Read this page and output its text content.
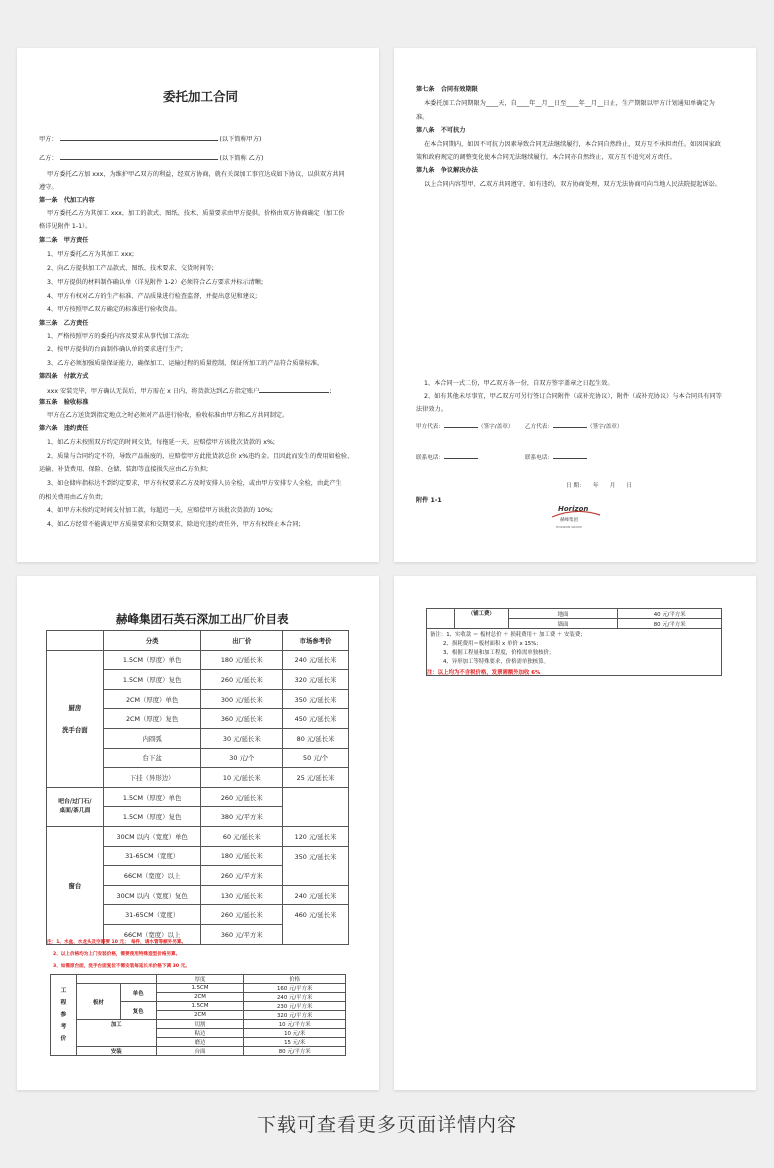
委托加工合同
甲方：	(以下简称甲方)
乙方：	(以下简称 乙方)
甲方委托乙方加 xxx，为维护甲乙双方的利益，经双方协商，就有关深加工事宜达成如下协议，以供双方共同
遵守。
第一条　代加工内容
甲方委托乙方为其加工 xxx，加工的款式、图纸、技术、质量要求由甲方提供，价格由双方协商确定（加工价
格详见附件 1-1）。
第二条　甲方责任
1、甲方委托乙方为其加工 xxx;
2、向乙方提供加工产品款式、图纸、技术要求、交货时间等;
3、甲方提供的材料制作确认单（详见附件 1-2）必须符合乙方要求并标示清晰;
4、甲方有权对乙方的生产标准、产品质量进行检查监督，并提出意见和建议;
4、甲方按照甲乙双方确定的标准进行验收货品。
第三条　乙方责任
1、严格按照甲方的委托内容及要求从事代加工活动;
2、按甲方提供的台面制作确认单的要求进行生产;
3、乙方必须加强质量保证能力，确保加工、运输过程的质量控制，保证所加工的产品符合质量标准。
第四条　付款方式
xxx 安装完毕，甲方确认无误后，甲方需在 x 日内，将货款达到乙方指定账户	;
第五条　验收标准
甲方在乙方送货到指定地点之时必须对产品进行验收，验收标准由甲方和乙方共同制定。
第六条　违约责任
1、如乙方未按照双方约定的时间交货，每拖延一天，应赔偿甲方该批次货款的 x%;
2、质量与合同约定不符，导致产品报废的，应赔偿甲方此批货款总价 x%违约金。且因此而发生的费用如检验、
运输、补货费用、保险、仓储、装卸等直接损失应由乙方负担;
3、如仓储库指标达不到约定要求，甲方有权要求乙方及时安排人员全检，或由甲方安排专人全检，由此产生
的相关费用由乙方负责;
4、如甲方未按约定时间支付加工款，每超迟一天，应赔偿甲方该批次货款的 10%;
4、如乙方经常不能满足甲方质量要求和交期要求，除追究违约责任外，甲方有权终止本合同;
第七条　合同有效期限
本委托加工合同期限为____天，自____年__月__日至____年__月__日止，生产期限以甲方计划通知单确定为
准。
第八条　不可抗力
在本合同期内，如因不可抗力因素导致合同无法继续履行，本合同自然终止，双方互不承担责任。如因国家政
策和政府规定的调整变化使本合同无法继续履行，本合同亦自然终止，双方互不追究对方责任。
第九条　争议解决办法
以上合同内容望甲、乙双方共同遵守，如有违约，双方协商处理，双方无法协商可向当地人民法院提起诉讼。
1、本合同一式二份，甲乙双方各一份，自双方签字盖章之日起生效。
2、如有其他未尽事宜，甲乙双方可另行签订合同附件（或补充协议），附件（或补充协议）与本合同具有同等
法律效力。
甲方代表：	（签字/盖章） 乙方代表：	（签字/盖章）
联系电话：	联系电话：
日 期：　　年　　月　　日
附件 1-1
Horizon
赫峰集团
HORIZON GROUP
赫峰集团石英石深加工出厂价目表
	分类	出厂价	市场参考价

厨房
洗手台面	1.5CM（厚度）单色	180 元/延长米	240 元/延长米
	1.5CM（厚度）复色	260 元/延长米	320 元/延长米
	2CM（厚度）单色	300 元/延长米	350 元/延长米
	2CM（厚度）复色	360 元/延长米	450 元/延长米
	内圆弧	30 元/延长米	80 元/延长米
	台下盆	30 元/个	50 元/个
	下挂（异形边）	10 元/延长米	25 元/延长米

吧台/过门石/
桌面/茶几面	1.5CM（厚度）单色	260 元/延长米	
	1.5CM（厚度）复色	380 元/平方米	
窗台	30CM 以内（宽度）单色	60 元/延长米	120 元/延长米
	31-65CM（宽度）	180 元/延长米	350 元/延长米
	66CM（宽度）以上	260 元/平方米	
	30CM 以内（宽度）复色	130 元/延长米	240 元/延长米
	31-65CM（宽度）	260 元/延长米	460 元/延长米
	66CM（宽度）以上	360 元/平方米	
注：1、水盆、水龙头及空需要 10 元；　每件，请水管等额外另算。
2、以上价格均为上门安装价格，需要使用特殊造型价格另算。
3、如需原台面，洗手台面复位不需安装每延长米价格下调 30 元。
工
程
参
考
价			厚度	价格
	板材	单色	1.5CM	160 元/平方米
			2CM	240 元/平方米
		复色	1.5CM	230 元/平方米
			2CM	320 元/平方米
	加工		切割	10 元/平方米
			粘边	10 元/米
			磨边	15 元/米
	安装		台面	80 元/平方米
	（铺工费）	地面	40 元/平方米
		墙面	80 元/平方米

备注：1、实收款 ＝ 板材总价 ＋ 损耗费用＋ 加工费 ＋ 安装费；
2、损耗费用＝板材面积 x 单价 x 15%；
3、根据工程量和加工程度，价格需单独核价；
4、异形加工等特殊要求，价格需单独核算。			
注：以上均为不含税价格，发票需额外加收 6%
下载可查看更多页面详情内容
